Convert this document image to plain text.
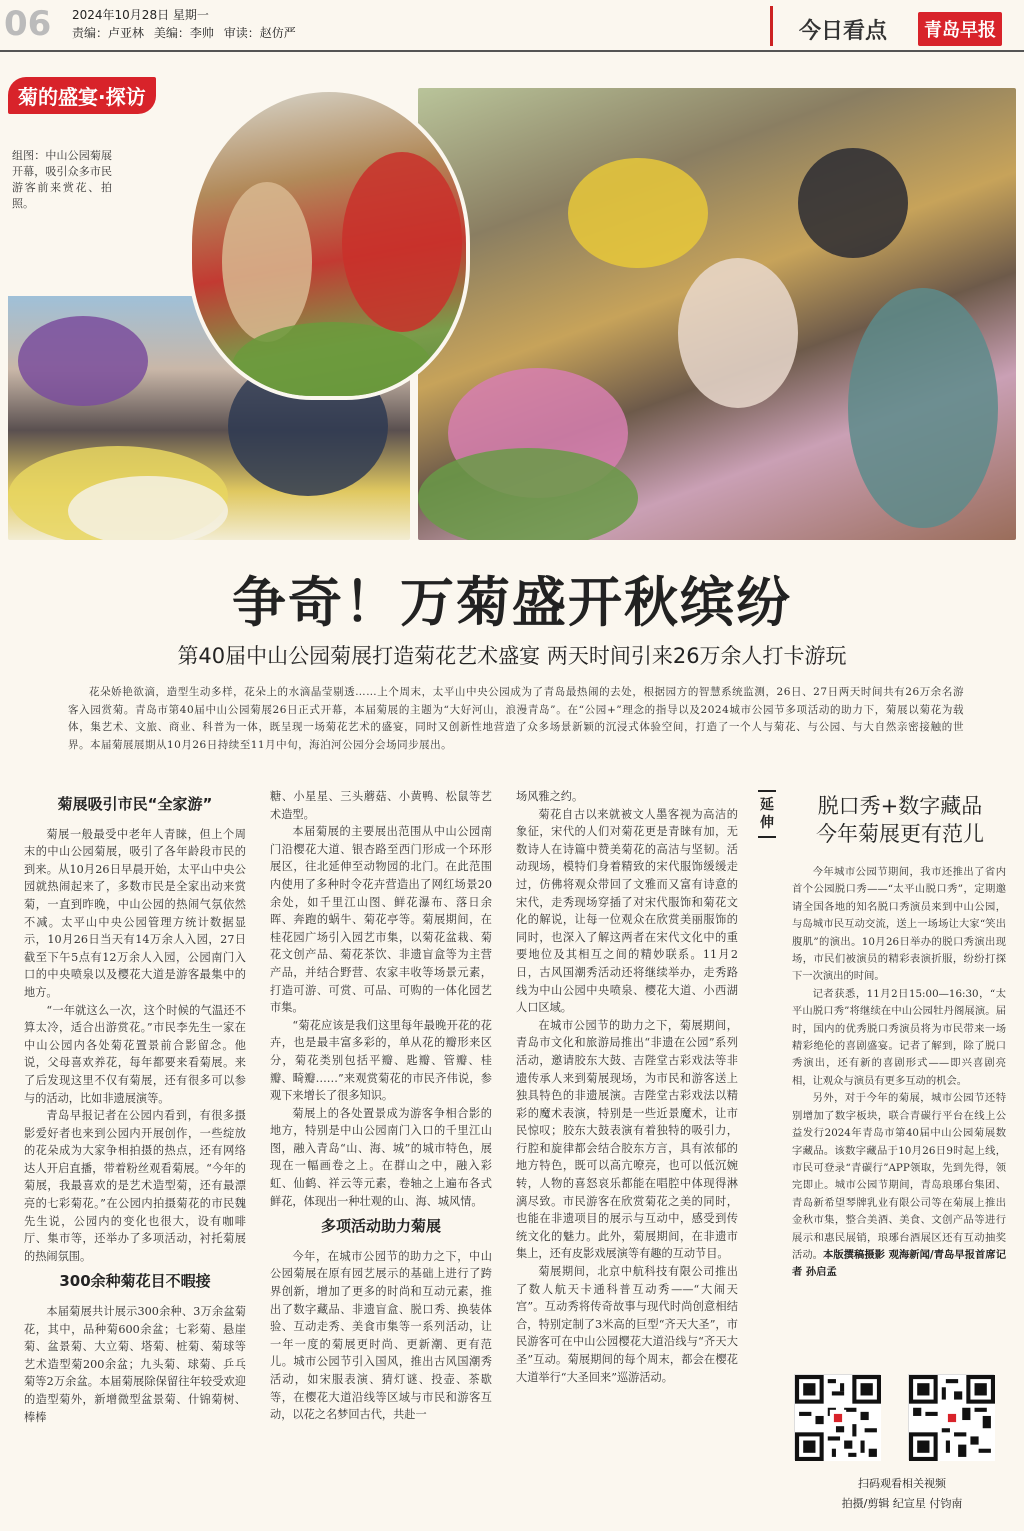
06 2024年10月28日 星期一
责编：卢亚林 美编：李帅 审读：赵仿严	今日看点	青岛早报
菊的盛宴·探访
组图：中山公园菊展开幕，吸引众多市民游客前来赏花、拍照。
争奇！万菊盛开秋缤纷
第40届中山公园菊展打造菊花艺术盛宴 两天时间引来26万余人打卡游玩
花朵娇艳欲滴，造型生动多样，花朵上的水滴晶莹剔透……上个周末，太平山中央公园成为了青岛最热闹的去处，根据园方的智慧系统监测，26日、27日两天时间共有26万余名游客入园赏菊。青岛市第40届中山公园菊展26日正式开幕，本届菊展的主题为“大好河山，浪漫青岛”。在“公园+”理念的指导以及2024城市公园节多项活动的助力下，菊展以菊花为载体，集艺术、文旅、商业、科普为一体，既呈现一场菊花艺术的盛宴，同时又创新性地营造了众多场景新颖的沉浸式体验空间，打造了一个人与菊花、与公园、与大自然亲密接触的世界。本届菊展展期从10月26日持续至11月中旬，海泊河公园分会场同步展出。
菊展吸引市民“全家游”

菊展一般最受中老年人青睐，但上个周末的中山公园菊展，吸引了各年龄段市民的到来。从10月26日早晨开始，太平山中央公园就热闹起来了，多数市民是全家出动来赏菊，一直到昨晚，中山公园的热闹气氛依然不减。太平山中央公园管理方统计数据显示，10月26日当天有14万余人入园，27日截至下午5点有12万余人入园，公园南门入口的中央喷泉以及樱花大道是游客最集中的地方。

“一年就这么一次，这个时候的气温还不算太冷，适合出游赏花。”市民李先生一家在中山公园内各处菊花置景前合影留念。他说，父母喜欢养花，每年都要来看菊展。来了后发现这里不仅有菊展，还有很多可以参与的活动，比如非遗展演等。

青岛早报记者在公园内看到，有很多摄影爱好者也来到公园内开展创作，一些绽放的花朵成为大家争相拍摄的热点，还有网络达人开启直播，带着粉丝观看菊展。“今年的菊展，我最喜欢的是艺术造型菊，还有最漂亮的七彩菊花。”在公园内拍摄菊花的市民魏先生说，公园内的变化也很大，设有咖啡厅、集市等，还举办了多项活动，衬托菊展的热闹氛围。

300余种菊花目不暇接

本届菊展共计展示300余种、3万余盆菊花，其中，品种菊600余盆；七彩菊、悬崖菊、盆景菊、大立菊、塔菊、桩菊、菊球等艺术造型菊200余盆；九头菊、球菊、乒乓菊等2万余盆。本届菊展除保留往年较受欢迎的造型菊外，新增微型盆景菊、什锦菊树、棒棒

糖、小星星、三头蘑菇、小黄鸭、松鼠等艺术造型。

本届菊展的主要展出范围从中山公园南门沿樱花大道、银杏路至西门形成一个环形展区，往北延伸至动物园的北门。在此范围内使用了多种时令花卉营造出了网红场景20余处，如千里江山图、鲜花瀑布、落日余晖、奔跑的蜗牛、菊花亭等。菊展期间，在桂花园广场引入园艺市集，以菊花盆栽、菊花文创产品、菊花茶饮、非遗盲盒等为主营产品，并结合野营、农家丰收等场景元素，打造可游、可赏、可品、可购的一体化园艺市集。

“菊花应该是我们这里每年最晚开花的花卉，也是最丰富多彩的，单从花的瓣形来区分，菊花类别包括平瓣、匙瓣、管瓣、桂瓣、畸瓣……”来观赏菊花的市民齐伟说，参观下来增长了很多知识。

菊展上的各处置景成为游客争相合影的地方，特别是中山公园南门入口的千里江山图，融入青岛“山、海、城”的城市特色，展现在一幅画卷之上。在群山之中，融入彩虹、仙鹤、祥云等元素，卷轴之上遍布各式鲜花，体现出一种壮观的山、海、城风情。

多项活动助力菊展

今年，在城市公园节的助力之下，中山公园菊展在原有园艺展示的基础上进行了跨界创新，增加了更多的时尚和互动元素，推出了数字藏品、非遗盲盒、脱口秀、换装体验、互动走秀、美食市集等一系列活动，让一年一度的菊展更时尚、更新潮、更有范儿。城市公园节引入国风，推出古风国潮秀活动，如宋服表演、猜灯谜、投壶、茶歇等，在樱花大道沿线等区域与市民和游客互动，以花之名梦回古代，共赴一

场风雅之约。

菊花自古以来就被文人墨客视为高洁的象征，宋代的人们对菊花更是青睐有加，无数诗人在诗篇中赞美菊花的高洁与坚韧。活动现场，模特们身着精致的宋代服饰缓缓走过，仿佛将观众带回了文雅而又富有诗意的宋代，走秀现场穿插了对宋代服饰和菊花文化的解说，让每一位观众在欣赏美丽服饰的同时，也深入了解这两者在宋代文化中的重要地位及其相互之间的精妙联系。11月2日，古风国潮秀活动还将继续举办，走秀路线为中山公园中央喷泉、樱花大道、小西湖人口区域。

在城市公园节的助力之下，菊展期间，青岛市文化和旅游局推出“非遗在公园”系列活动，邀请胶东大鼓、吉陛堂古彩戏法等非遗传承人来到菊展现场，为市民和游客送上独具特色的非遗展演。吉陛堂古彩戏法以精彩的魔术表演，特别是一些近景魔术，让市民惊叹；胶东大鼓表演有着独特的吸引力，行腔和旋律都会结合胶东方言，具有浓郁的地方特色，既可以高亢嘹亮，也可以低沉婉转，人物的喜怒哀乐都能在唱腔中体现得淋漓尽致。市民游客在欣赏菊花之美的同时，也能在非遗项目的展示与互动中，感受到传统文化的魅力。此外，菊展期间，在非遗市集上，还有皮影戏展演等有趣的互动节目。

菊展期间，北京中航科技有限公司推出了数人航天卡通科普互动秀——“大闹天宫”。互动秀将传奇故事与现代时尚创意相结合，特别定制了3米高的巨型“齐天大圣”，市民游客可在中山公园樱花大道沿线与“齐天大圣”互动。菊展期间的每个周末，都会在樱花大道举行“大圣回来”巡游活动。

延伸
脱口秀+数字藏品
今年菊展更有范儿

今年城市公园节期间，我市还推出了省内首个公园脱口秀——“太平山脱口秀”，定期邀请全国各地的知名脱口秀演员来到中山公园，与岛城市民互动交流，送上一场场让大家“笑出腹肌”的演出。10月26日举办的脱口秀演出现场，市民们被演员的精彩表演折服，纷纷打探下一次演出的时间。

记者获悉，11月2日15:00—16:30，“太平山脱口秀”将继续在中山公园牡丹阁展演。届时，国内的优秀脱口秀演员将为市民带来一场精彩绝伦的喜剧盛宴。记者了解到，除了脱口秀演出，还有新的喜剧形式——即兴喜剧亮相，让观众与演员有更多互动的机会。

另外，对于今年的菊展，城市公园节还特别增加了数字板块，联合青碳行平台在线上公益发行2024年青岛市第40届中山公园菊展数字藏品。该数字藏品于10月26日9时起上线，市民可登录“青碳行”APP领取，先到先得，领完即止。城市公园节期间，青岛琅琊台集团、青岛新希望琴牌乳业有限公司等在菊展上推出金秋市集，整合美酒、美食、文创产品等进行展示和惠民展销，琅琊台酒展区还有互动抽奖活动。本版撰稿摄影 观海新闻/青岛早报首席记者 孙启孟

扫码观看相关视频
拍摄/剪辑 纪宣星 付钧南
